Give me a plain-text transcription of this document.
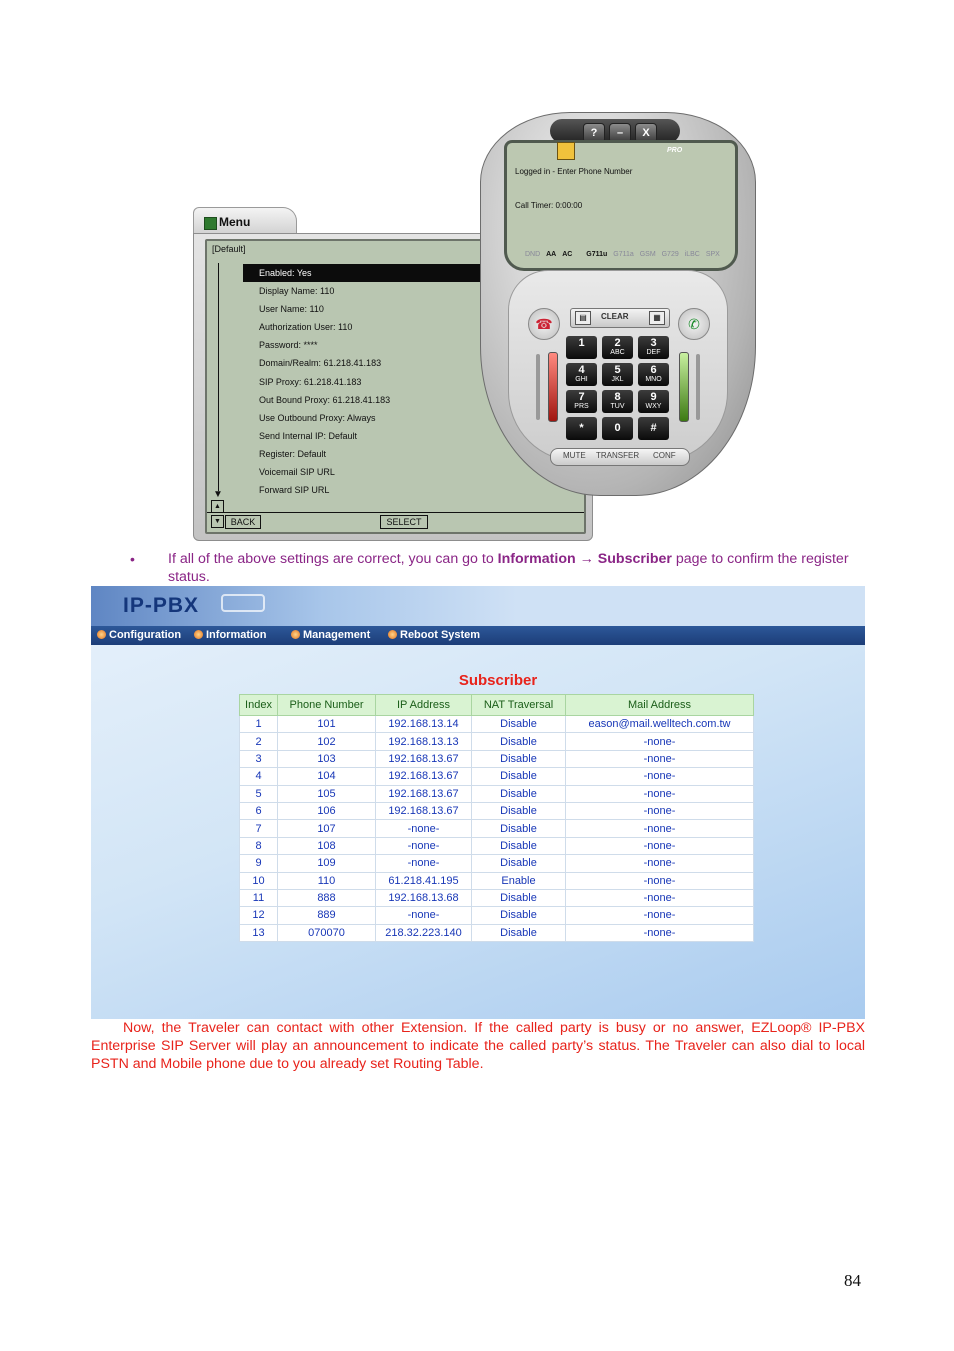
Menu
[Default]
▼
Enabled: Yes
Display Name: 110
User Name: 110
Authorization User: 110
Password: ****
Domain/Realm: 61.218.41.183
SIP Proxy: 61.218.41.183
Out Bound Proxy: 61.218.41.183
Use Outbound Proxy: Always
Send Internal IP: Default
Register: Default
Voicemail SIP URL
Forward SIP URL
▲
▼	BACK	SELECT
?	–	X
PRO
Logged in - Enter Phone Number
Call Timer: 0:00:00
DND AA AC G711u G711a GSM G729 iLBC SPX
☎	✆
▤	CLEAR	▦
1	2
ABC
3
DEF
4
GHI
5
JKL
6
MNO
7
PRS
8
TUV
9
WXY
*	0	#
MUTE TRANSFER CONF
• If all of the above settings are correct, you can go to Information → Subscriber page to confirm the register status.
IP-PBX
Configuration	Information	Management	Reboot System
Subscriber
Index	Phone Number	IP Address	NAT Traversal	Mail Address
1	101	192.168.13.14	Disable	eason@mail.welltech.com.tw
2	102	192.168.13.13	Disable	-none-
3	103	192.168.13.67	Disable	-none-
4	104	192.168.13.67	Disable	-none-
5	105	192.168.13.67	Disable	-none-
6	106	192.168.13.67	Disable	-none-
7	107	-none-	Disable	-none-
8	108	-none-	Disable	-none-
9	109	-none-	Disable	-none-
10	110	61.218.41.195	Enable	-none-
11	888	192.168.13.68	Disable	-none-
12	889	-none-	Disable	-none-
13	070070	218.32.223.140	Disable	-none-
Now, the Traveler can contact with other Extension. If the called party is busy or no answer, EZLoop® IP-PBX Enterprise SIP Server will play an announcement to indicate the called party’s status. The Traveler can also dial to local PSTN and Mobile phone due to you already set Routing Table.
84
